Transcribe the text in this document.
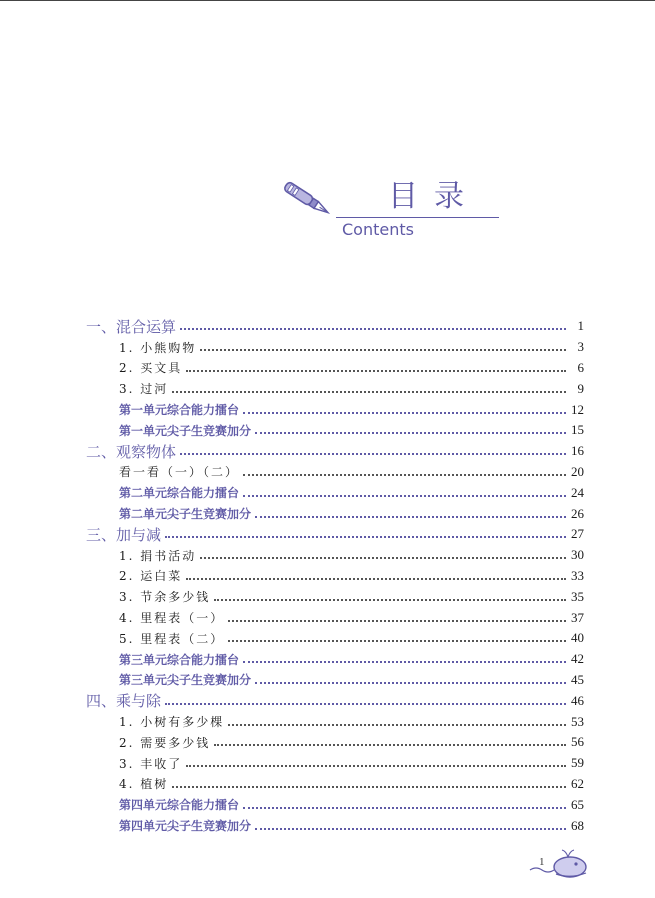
目录
Contents
一、混合运算	1
1. 小熊购物	3
2. 买文具	6
3. 过河	9
第一单元综合能力擂台	12
第一单元尖子生竞赛加分	15
二、观察物体	16
看一看（一）（二）	20
第二单元综合能力擂台	24
第二单元尖子生竞赛加分	26
三、加与减	27
1. 捐书活动	30
2. 运白菜	33
3. 节余多少钱	35
4. 里程表（一）	37
5. 里程表（二）	40
第三单元综合能力擂台	42
第三单元尖子生竞赛加分	45
四、乘与除	46
1. 小树有多少棵	53
2. 需要多少钱	56
3. 丰收了	59
4. 植树	62
第四单元综合能力擂台	65
第四单元尖子生竞赛加分	68
1
